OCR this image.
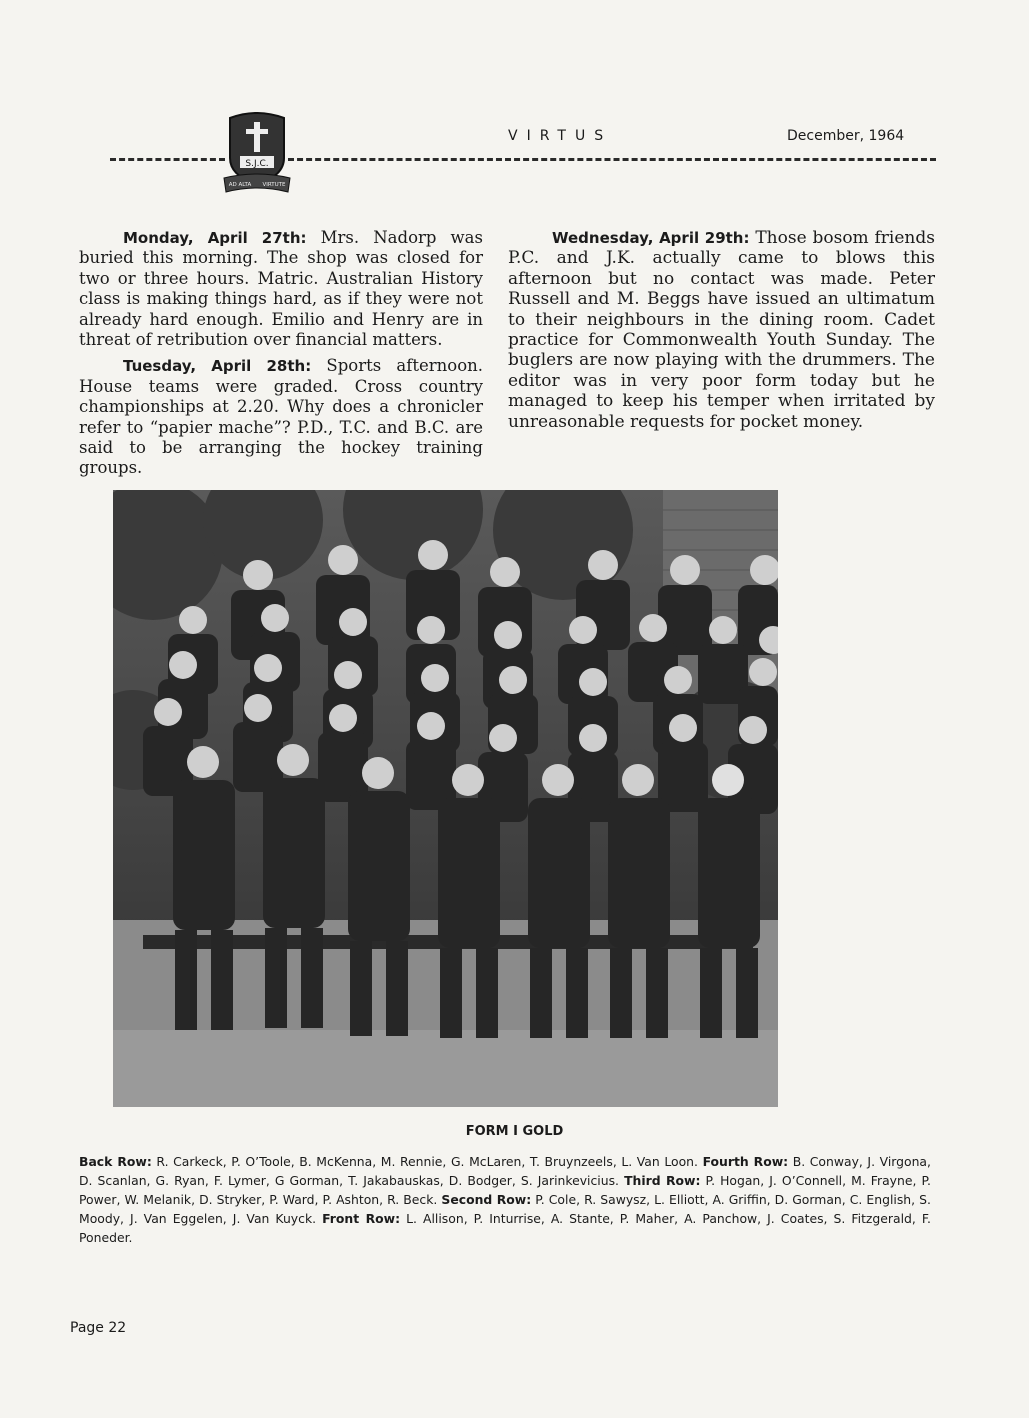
S.J.C.
AD ALTA VIRTUTE
VIRTUS	December, 1964

Monday, April 27th: Mrs. Nadorp was buried this morning. The shop was closed for two or three hours. Matric. Australian History class is making things hard, as if they were not already hard enough. Emilio and Henry are in threat of retribution over financial matters.

Tuesday, April 28th: Sports afternoon. House teams were graded. Cross country championships at 2.20. Why does a chronicler refer to “papier mache”? P.D., T.C. and B.C. are said to be arranging the hockey training groups.

Wednesday, April 29th: Those bosom friends P.C. and J.K. actually came to blows this afternoon but no contact was made. Peter Russell and M. Beggs have issued an ultimatum to their neighbours in the dining room. Cadet practice for Commonwealth Youth Sunday. The buglers are now playing with the drummers. The editor was in very poor form today but he managed to keep his temper when irritated by unreasonable requests for pocket money.

FORM I GOLD
Back Row: R. Carkeck, P. O’Toole, B. McKenna, M. Rennie, G. McLaren, T. Bruynzeels, L. Van Loon. Fourth Row: B. Conway, J. Virgona, D. Scanlan, G. Ryan, F. Lymer, G Gorman, T. Jakabauskas, D. Bodger, S. Jarinkevicius. Third Row: P. Hogan, J. O’Connell, M. Frayne, P. Power, W. Melanik, D. Stryker, P. Ward, P. Ashton, R. Beck. Second Row: P. Cole, R. Sawysz, L. Elliott, A. Griffin, D. Gorman, C. English, S. Moody, J. Van Eggelen, J. Van Kuyck. Front Row: L. Allison, P. Inturrise, A. Stante, P. Maher, A. Panchow, J. Coates, S. Fitzgerald, F. Poneder.
Page 22
